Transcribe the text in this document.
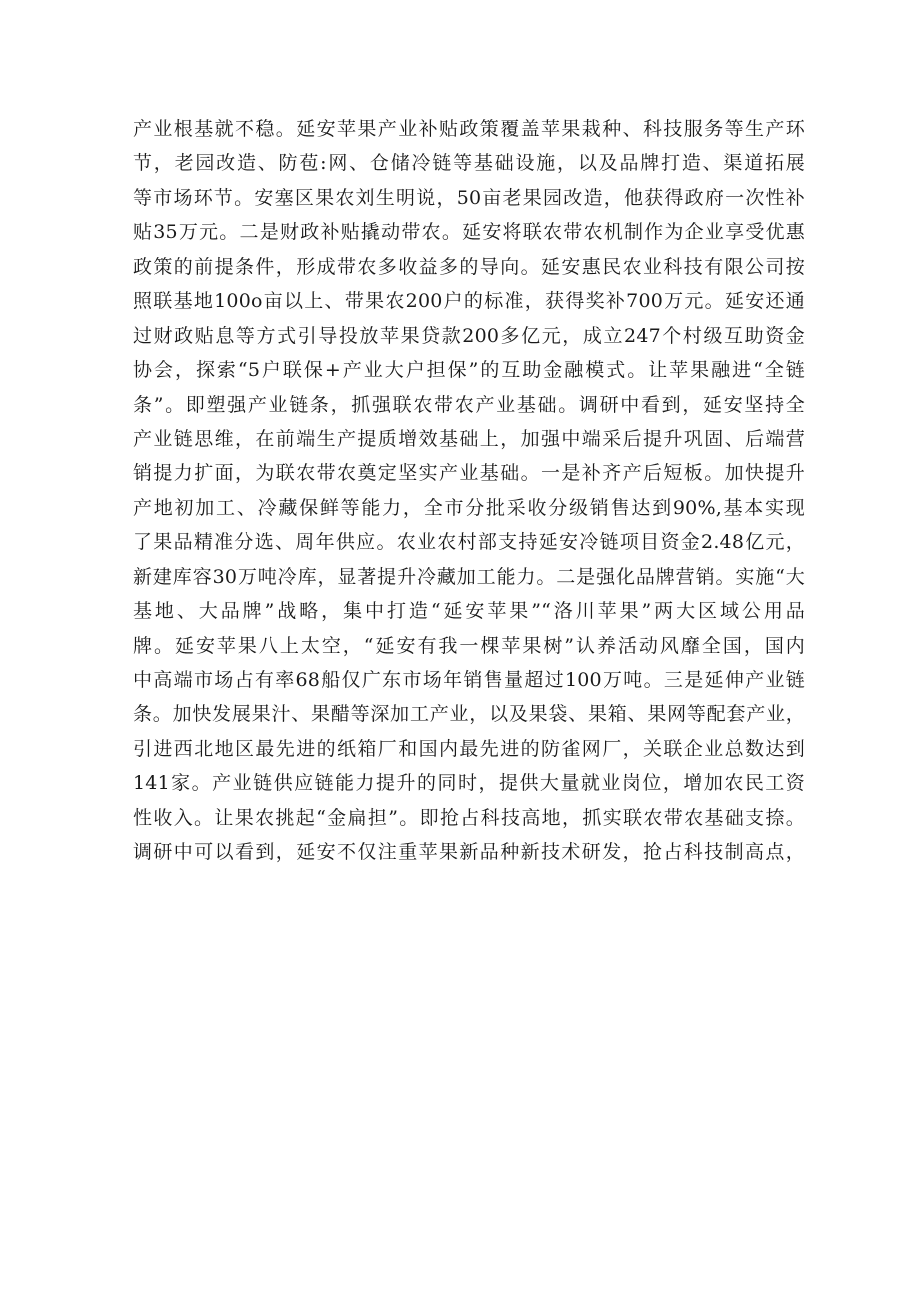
产业根基就不稳。延安苹果产业补贴政策覆盖苹果栽种、科技服务等生产环
节，老园改造、防苞:网、仓储冷链等基础设施，以及品牌打造、渠道拓展
等市场环节。安塞区果农刘生明说，50亩老果园改造，他获得政府一次性补
贴35万元。二是财政补贴撬动带农。延安将联农带农机制作为企业享受优惠
政策的前提条件，形成带农多收益多的导向。延安惠民农业科技有限公司按
照联基地100o亩以上、带果农200户的标准，获得奖补700万元。延安还通
过财政贴息等方式引导投放苹果贷款200多亿元，成立247个村级互助资金
协会，探索“5户联保+产业大户担保”的互助金融模式。让苹果融进“全链
条”。即塑强产业链条，抓强联农带农产业基础。调研中看到，延安坚持全
产业链思维，在前端生产提质增效基础上，加强中端采后提升巩固、后端营
销提力扩面，为联农带农奠定坚实产业基础。一是补齐产后短板。加快提升
产地初加工、冷藏保鲜等能力，全市分批采收分级销售达到90%,基本实现
了果品精准分选、周年供应。农业农村部支持延安冷链项目资金2.48亿元，
新建库容30万吨冷库，显著提升冷藏加工能力。二是强化品牌营销。实施“大
基地、大品牌”战略，集中打造“延安苹果”“洛川苹果”两大区域公用品
牌。延安苹果八上太空，“延安有我一棵苹果树”认养活动风靡全国，国内
中高端市场占有率68船仅广东市场年销售量超过100万吨。三是延伸产业链
条。加快发展果汁、果醋等深加工产业，以及果袋、果箱、果网等配套产业，
引进西北地区最先进的纸箱厂和国内最先进的防雀网厂，关联企业总数达到
141家。产业链供应链能力提升的同时，提供大量就业岗位，增加农民工资
性收入。让果农挑起“金扁担”。即抢占科技高地，抓实联农带农基础支捺。
调研中可以看到，延安不仅注重苹果新品种新技术研发，抢占科技制高点，
